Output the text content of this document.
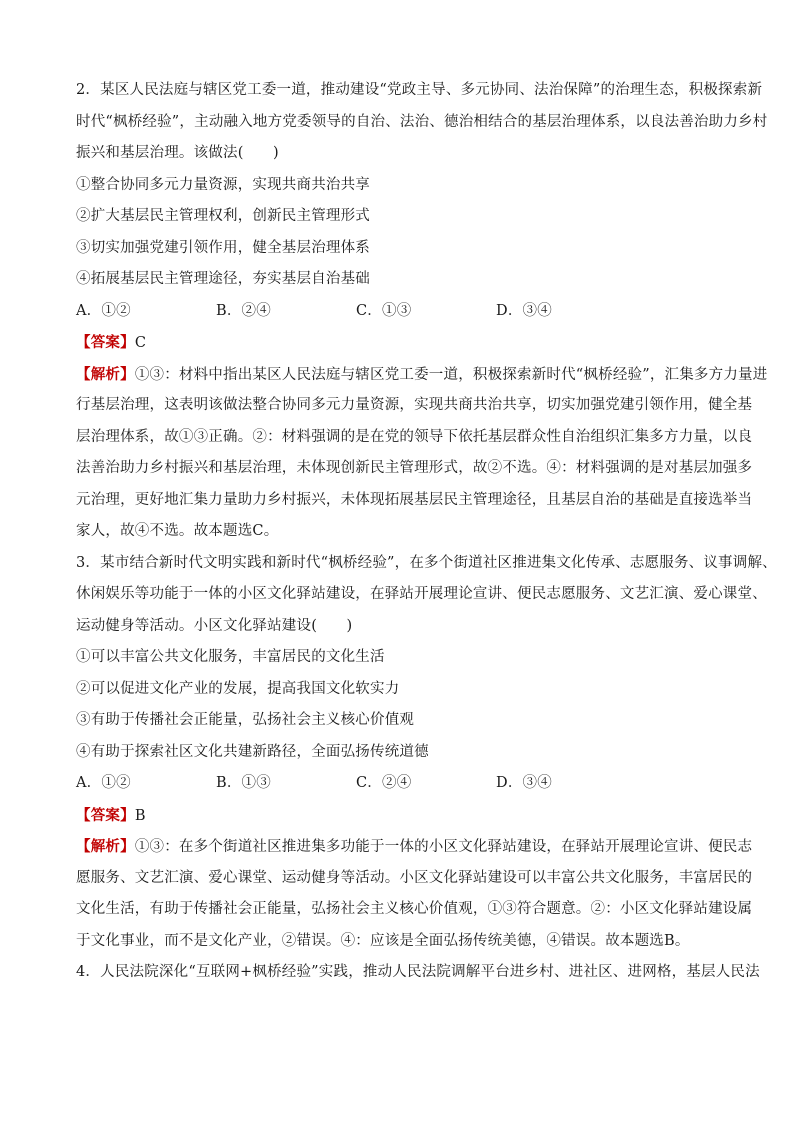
2．某区人民法庭与辖区党工委一道，推动建设“党政主导、多元协同、法治保障”的治理生态，积极探索新
时代“枫桥经验”，主动融入地方党委领导的自治、法治、德治相结合的基层治理体系，以良法善治助力乡村
振兴和基层治理。该做法(　　)
①整合协同多元力量资源，实现共商共治共享
②扩大基层民主管理权利，创新民主管理形式
③切实加强党建引领作用，健全基层治理体系
④拓展基层民主管理途径，夯实基层自治基础
A．①②	B．②④	C．①③	D．③④
【答案】C
【解析】①③：材料中指出某区人民法庭与辖区党工委一道，积极探索新时代“枫桥经验”，汇集多方力量进
行基层治理，这表明该做法整合协同多元力量资源，实现共商共治共享，切实加强党建引领作用，健全基
层治理体系，故①③正确。②：材料强调的是在党的领导下依托基层群众性自治组织汇集多方力量，以良
法善治助力乡村振兴和基层治理，未体现创新民主管理形式，故②不选。④：材料强调的是对基层加强多
元治理，更好地汇集力量助力乡村振兴，未体现拓展基层民主管理途径，且基层自治的基础是直接选举当
家人，故④不选。故本题选C。
3．某市结合新时代文明实践和新时代“枫桥经验”，在多个街道社区推进集文化传承、志愿服务、议事调解、
休闲娱乐等功能于一体的小区文化驿站建设，在驿站开展理论宣讲、便民志愿服务、文艺汇演、爱心课堂、
运动健身等活动。小区文化驿站建设(　　)
①可以丰富公共文化服务，丰富居民的文化生活
②可以促进文化产业的发展，提高我国文化软实力
③有助于传播社会正能量，弘扬社会主义核心价值观
④有助于探索社区文化共建新路径，全面弘扬传统道德
A．①②	B．①③	C．②④	D．③④
【答案】B
【解析】①③：在多个街道社区推进集多功能于一体的小区文化驿站建设，在驿站开展理论宣讲、便民志
愿服务、文艺汇演、爱心课堂、运动健身等活动。小区文化驿站建设可以丰富公共文化服务，丰富居民的
文化生活，有助于传播社会正能量，弘扬社会主义核心价值观，①③符合题意。②：小区文化驿站建设属
于文化事业，而不是文化产业，②错误。④：应该是全面弘扬传统美德，④错误。故本题选B。
4．人民法院深化“互联网+枫桥经验”实践，推动人民法院调解平台进乡村、进社区、进网格，基层人民法
